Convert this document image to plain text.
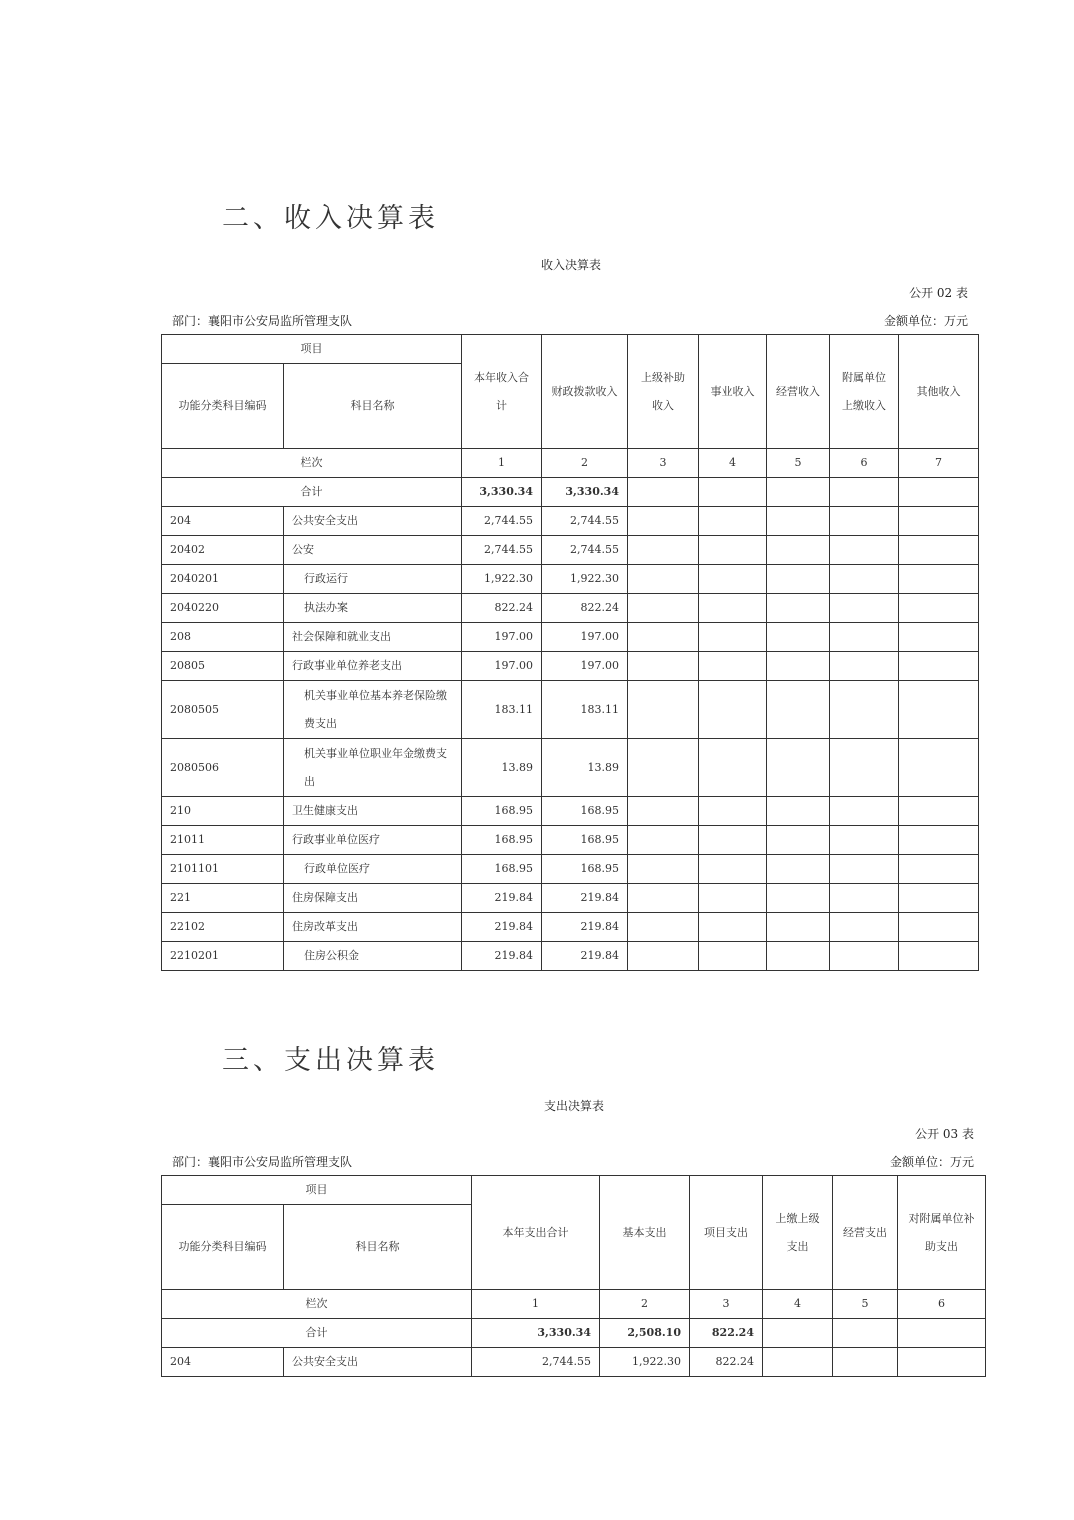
二、收入决算表
收入决算表
公开 02 表
部门：襄阳市公安局监所管理支队	金额单位：万元
项目		本年收入合计	财政拨款收入	上级补助收入	事业收入	经营收入	附属单位上缴收入	其他收入
功能分类科目编码	科目名称							
栏次		1	2	3	4	5	6	7
合计		3,330.34	3,330.34					
204	公共安全支出	2,744.55	2,744.55					
20402	公安	2,744.55	2,744.55					
2040201	行政运行	1,922.30	1,922.30					
2040220	执法办案	822.24	822.24					
208	社会保障和就业支出	197.00	197.00					
20805	行政事业单位养老支出	197.00	197.00					
2080505	机关事业单位基本养老保险缴费支出	183.11	183.11					
2080506	机关事业单位职业年金缴费支出	13.89	13.89					
210	卫生健康支出	168.95	168.95					
21011	行政事业单位医疗	168.95	168.95					
2101101	行政单位医疗	168.95	168.95					
221	住房保障支出	219.84	219.84					
22102	住房改革支出	219.84	219.84					
2210201	住房公积金	219.84	219.84					
三、支出决算表
支出决算表
公开 03 表
部门：襄阳市公安局监所管理支队	金额单位：万元
项目		本年支出合计	基本支出	项目支出	上缴上级支出	经营支出	对附属单位补助支出
功能分类科目编码	科目名称						
栏次		1	2	3	4	5	6
合计		3,330.34	2,508.10	822.24			
204	公共安全支出	2,744.55	1,922.30	822.24			
